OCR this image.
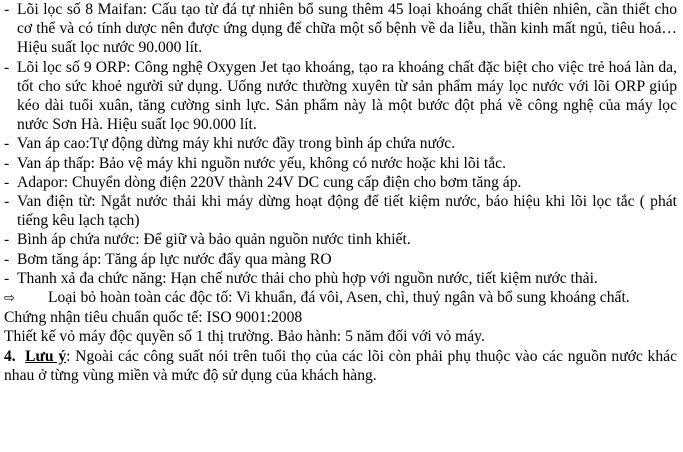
- Lõi lọc số 8 Maifan: Cấu tạo từ đá tự nhiên bổ sung thêm 45 loại khoáng chất thiên nhiên, cần thiết cho cơ thể và có tính dược nên được ứng dụng để chữa một số bệnh về da liễu, thần kinh mất ngủ, tiêu hoá…Hiệu suất lọc nước 90.000 lít.
- Lõi lọc số 9 ORP: Công nghệ Oxygen Jet tạo khoáng, tạo ra khoáng chất đặc biệt cho việc trẻ hoá làn da, tốt cho sức khoẻ người sử dụng. Uống nước thường xuyên từ sản phẩm máy lọc nước với lõi ORP giúp kéo dài tuổi xuân, tăng cường sinh lực. Sản phẩm này là một bước đột phá về công nghệ của máy lọc nước Sơn Hà. Hiệu suất lọc 90.000 lít.
- Van áp cao:Tự động dừng máy khi nước đầy trong bình áp chứa nước.
- Van áp thấp: Bảo vệ máy khi nguồn nước yếu, không có nước hoặc khi lõi tắc.
- Adapor: Chuyển dòng điện 220V thành 24V DC cung cấp điện cho bơm tăng áp.
- Van điện từ: Ngắt nước thải khi máy dừng hoạt động để tiết kiệm nước, báo hiệu khi lõi lọc tắc ( phát tiếng kêu lạch tạch)
- Bình áp chứa nước: Để giữ và bảo quản nguồn nước tinh khiết.
- Bơm tăng áp: Tăng áp lực nước đẩy qua màng RO
- Thanh xả đa chức năng: Hạn chế nước thải cho phù hợp với nguồn nước, tiết kiệm nước thải.
⇨ Loại bỏ hoàn toàn các độc tố: Vi khuẩn, đá vôi, Asen, chì, thuỷ ngân và bổ sung khoáng chất.
Chứng nhận tiêu chuẩn quốc tế: ISO 9001:2008
Thiết kế vỏ máy độc quyền số 1 thị trường. Bảo hành: 5 năm đối với vỏ máy.
4. Lưu ý: Ngoài các công suất nói trên tuổi thọ của các lõi còn phải phụ thuộc vào các nguồn nước khác nhau ở từng vùng miền và mức độ sử dụng của khách hàng.
